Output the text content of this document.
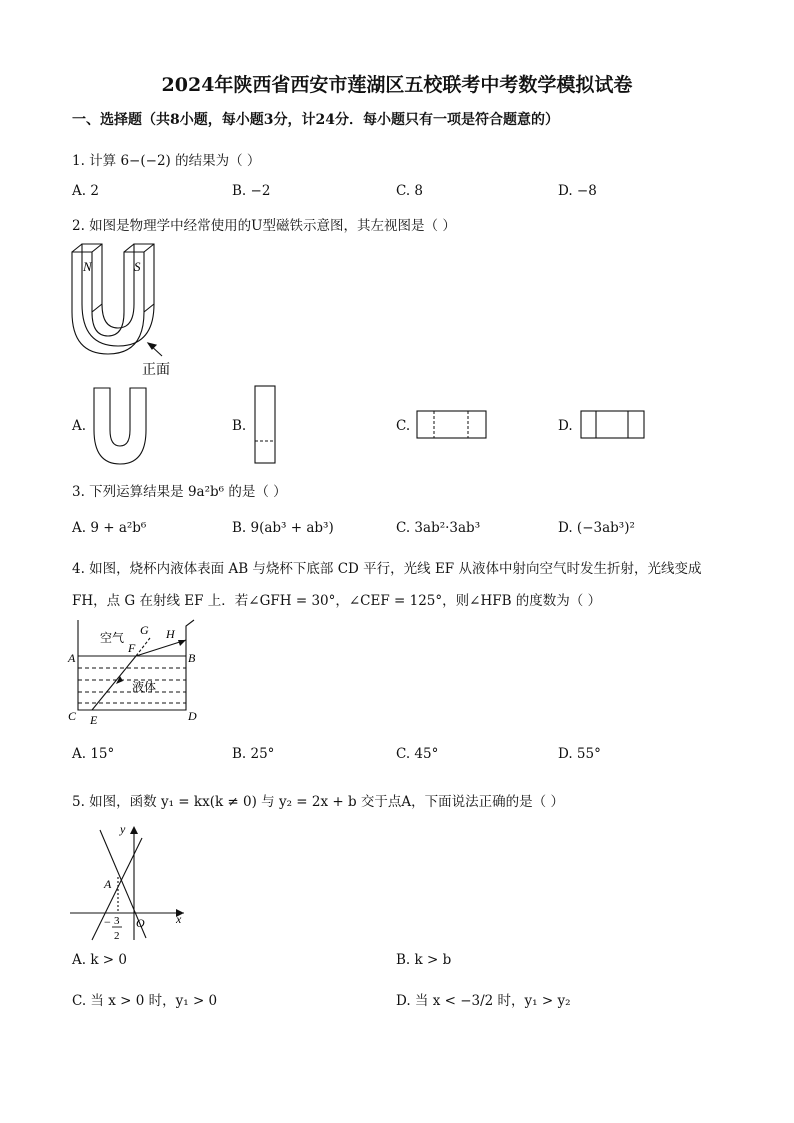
2024年陕西省西安市莲湖区五校联考中考数学模拟试卷
一、选择题（共8小题，每小题3分，计24分．每小题只有一项是符合题意的）
1. 计算 6−(−2) 的结果为（ ）
A. 2	B. −2	C. 8	D. −8
2. 如图是物理学中经常使用的U型磁铁示意图，其左视图是（ ）
N	S
正面
A.	B.	C.	D.
3. 下列运算结果是 9a²b⁶ 的是（ ）
A. 9 + a²b⁶	B. 9(ab³ + ab³)	C. 3ab²·3ab³	D. (−3ab³)²
4. 如图，烧杯内液体表面 AB 与烧杯下底部 CD 平行，光线 EF 从液体中射向空气时发生折射，光线变成
FH，点 G 在射线 EF 上．若∠GFH = 30°，∠CEF = 125°，则∠HFB 的度数为（ ）
空气
液体
A	B
C	D
E
F
G H
A. 15°	B. 25°	C. 45°	D. 55°
5. 如图，函数 y₁ = kx(k ≠ 0) 与 y₂ = 2x + b 交于点A，下面说法正确的是（ ）
y
x
O
A
− 3
2
A. k > 0	B. k > b
C. 当 x > 0 时，y₁ > 0	D. 当 x < −3/2 时，y₁ > y₂
